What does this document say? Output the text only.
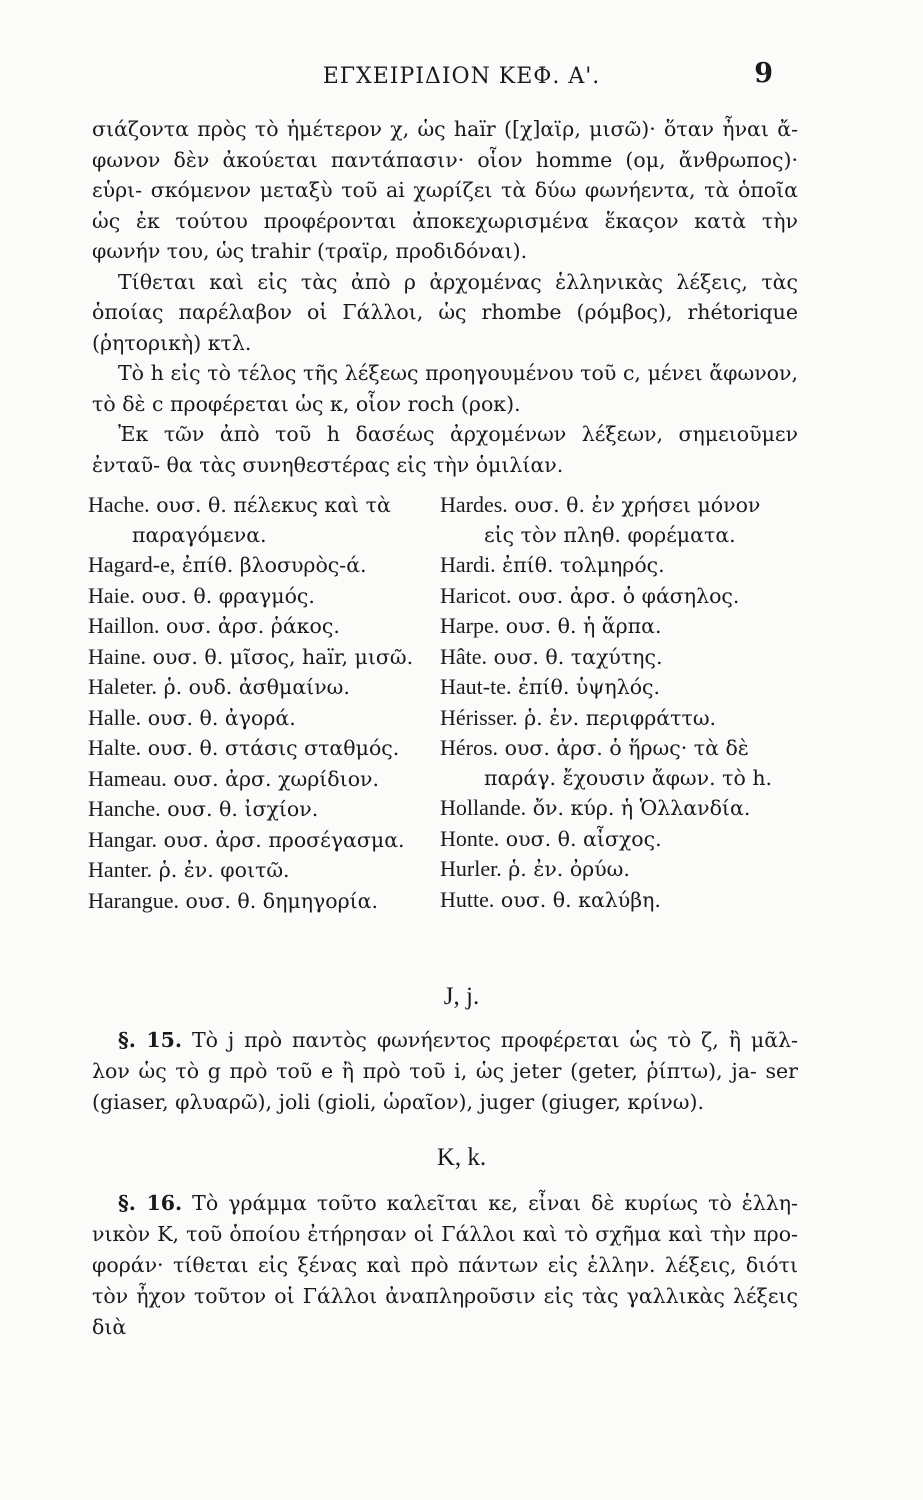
ΕΓΧΕΙΡΙΔΙΟΝ ΚΕΦ. Α'.	9

σιάζοντα πρὸς τὸ ἡμέτερον χ, ὡς haïr ([χ]αϊρ, μισῶ)· ὅταν ἦναι ἄ- φωνον δὲν ἀκούεται παντάπασιν· οἷον homme (ομ, ἄνθρωπος)· εὑρι- σκόμενον μεταξὺ τοῦ ai χωρίζει τὰ δύω φωνήεντα, τὰ ὁποῖα ὡς ἐκ τούτου προφέρονται ἀποκεχωρισμένα ἕκαςον κατὰ τὴν φωνήν του, ὡς trahir (τραϊρ, προδιδόναι).

Τίθεται καὶ εἰς τὰς ἀπὸ ρ ἀρχομένας ἑλληνικὰς λέξεις, τὰς ὁποίας παρέλαβον οἱ Γάλλοι, ὡς rhombe (ρόμβος), rhétorique (ῥητορικὴ) κτλ.

Τὸ h εἰς τὸ τέλος τῆς λέξεως προηγουμένου τοῦ c, μένει ἄφωνον, τὸ δὲ c προφέρεται ὡς κ, οἷον roch (ροκ).

Ἐκ τῶν ἀπὸ τοῦ h δασέως ἀρχομένων λέξεων, σημειοῦμεν ἐνταῦ- θα τὰς συνηθεστέρας εἰς τὴν ὁμιλίαν.

Hache. ουσ. θ. πέλεκυς καὶ τὰ
παραγόμενα.
Hagard-e, ἐπίθ. βλοσυρὸς-ά.
Haie. ουσ. θ. φραγμός.
Haillon. ουσ. ἀρσ. ῥάκος.
Haine. ουσ. θ. μῖσος, haïr, μισῶ.
Haleter. ῥ. ουδ. ἀσθμαίνω.
Halle. ουσ. θ. ἀγορά.
Halte. ουσ. θ. στάσις σταθμός.
Hameau. ουσ. ἀρσ. χωρίδιον.
Hanche. ουσ. θ. ἰσχίον.
Hangar. ουσ. ἀρσ. προσέγασμα.
Hanter. ῥ. ἐν. φοιτῶ.
Harangue. ουσ. θ. δημηγορία.
Hardes. ουσ. θ. ἐν χρήσει μόνον
εἰς τὸν πληθ. φορέματα.
Hardi. ἐπίθ. τολμηρός.
Haricot. ουσ. ἀρσ. ὁ φάσηλος.
Harpe. ουσ. θ. ἡ ἅρπα.
Hâte. ουσ. θ. ταχύτης.
Haut-te. ἐπίθ. ὑψηλός.
Hérisser. ῥ. ἐν. περιφράττω.
Héros. ουσ. ἀρσ. ὁ ἥρως· τὰ δὲ
παράγ. ἔχουσιν ἄφων. τὸ h.
Hollande. ὄν. κύρ. ἡ Ὁλλανδία.
Honte. ουσ. θ. αἶσχος.
Hurler. ῥ. ἐν. ὀρύω.
Hutte. ουσ. θ. καλύβη.
J, j.
§. 15. Τὸ j πρὸ παντὸς φωνήεντος προφέρεται ὡς τὸ ζ, ἢ μᾶλ- λον ὡς τὸ g πρὸ τοῦ e ἢ πρὸ τοῦ i, ὡς jeter (geter, ῥίπτω), ja- ser (giaser, φλυαρῶ), joli (gioli, ὡραῖον), juger (giuger, κρίνω).
K, k.
§. 16. Τὸ γράμμα τοῦτο καλεῖται κε, εἶναι δὲ κυρίως τὸ ἑλλη- νικὸν Κ, τοῦ ὁποίου ἐτήρησαν οἱ Γάλλοι καὶ τὸ σχῆμα καὶ τὴν προ- φοράν· τίθεται εἰς ξένας καὶ πρὸ πάντων εἰς ἑλλην. λέξεις, διότι τὸν ἦχον τοῦτον οἱ Γάλλοι ἀναπληροῦσιν εἰς τὰς γαλλικὰς λέξεις διὰ
